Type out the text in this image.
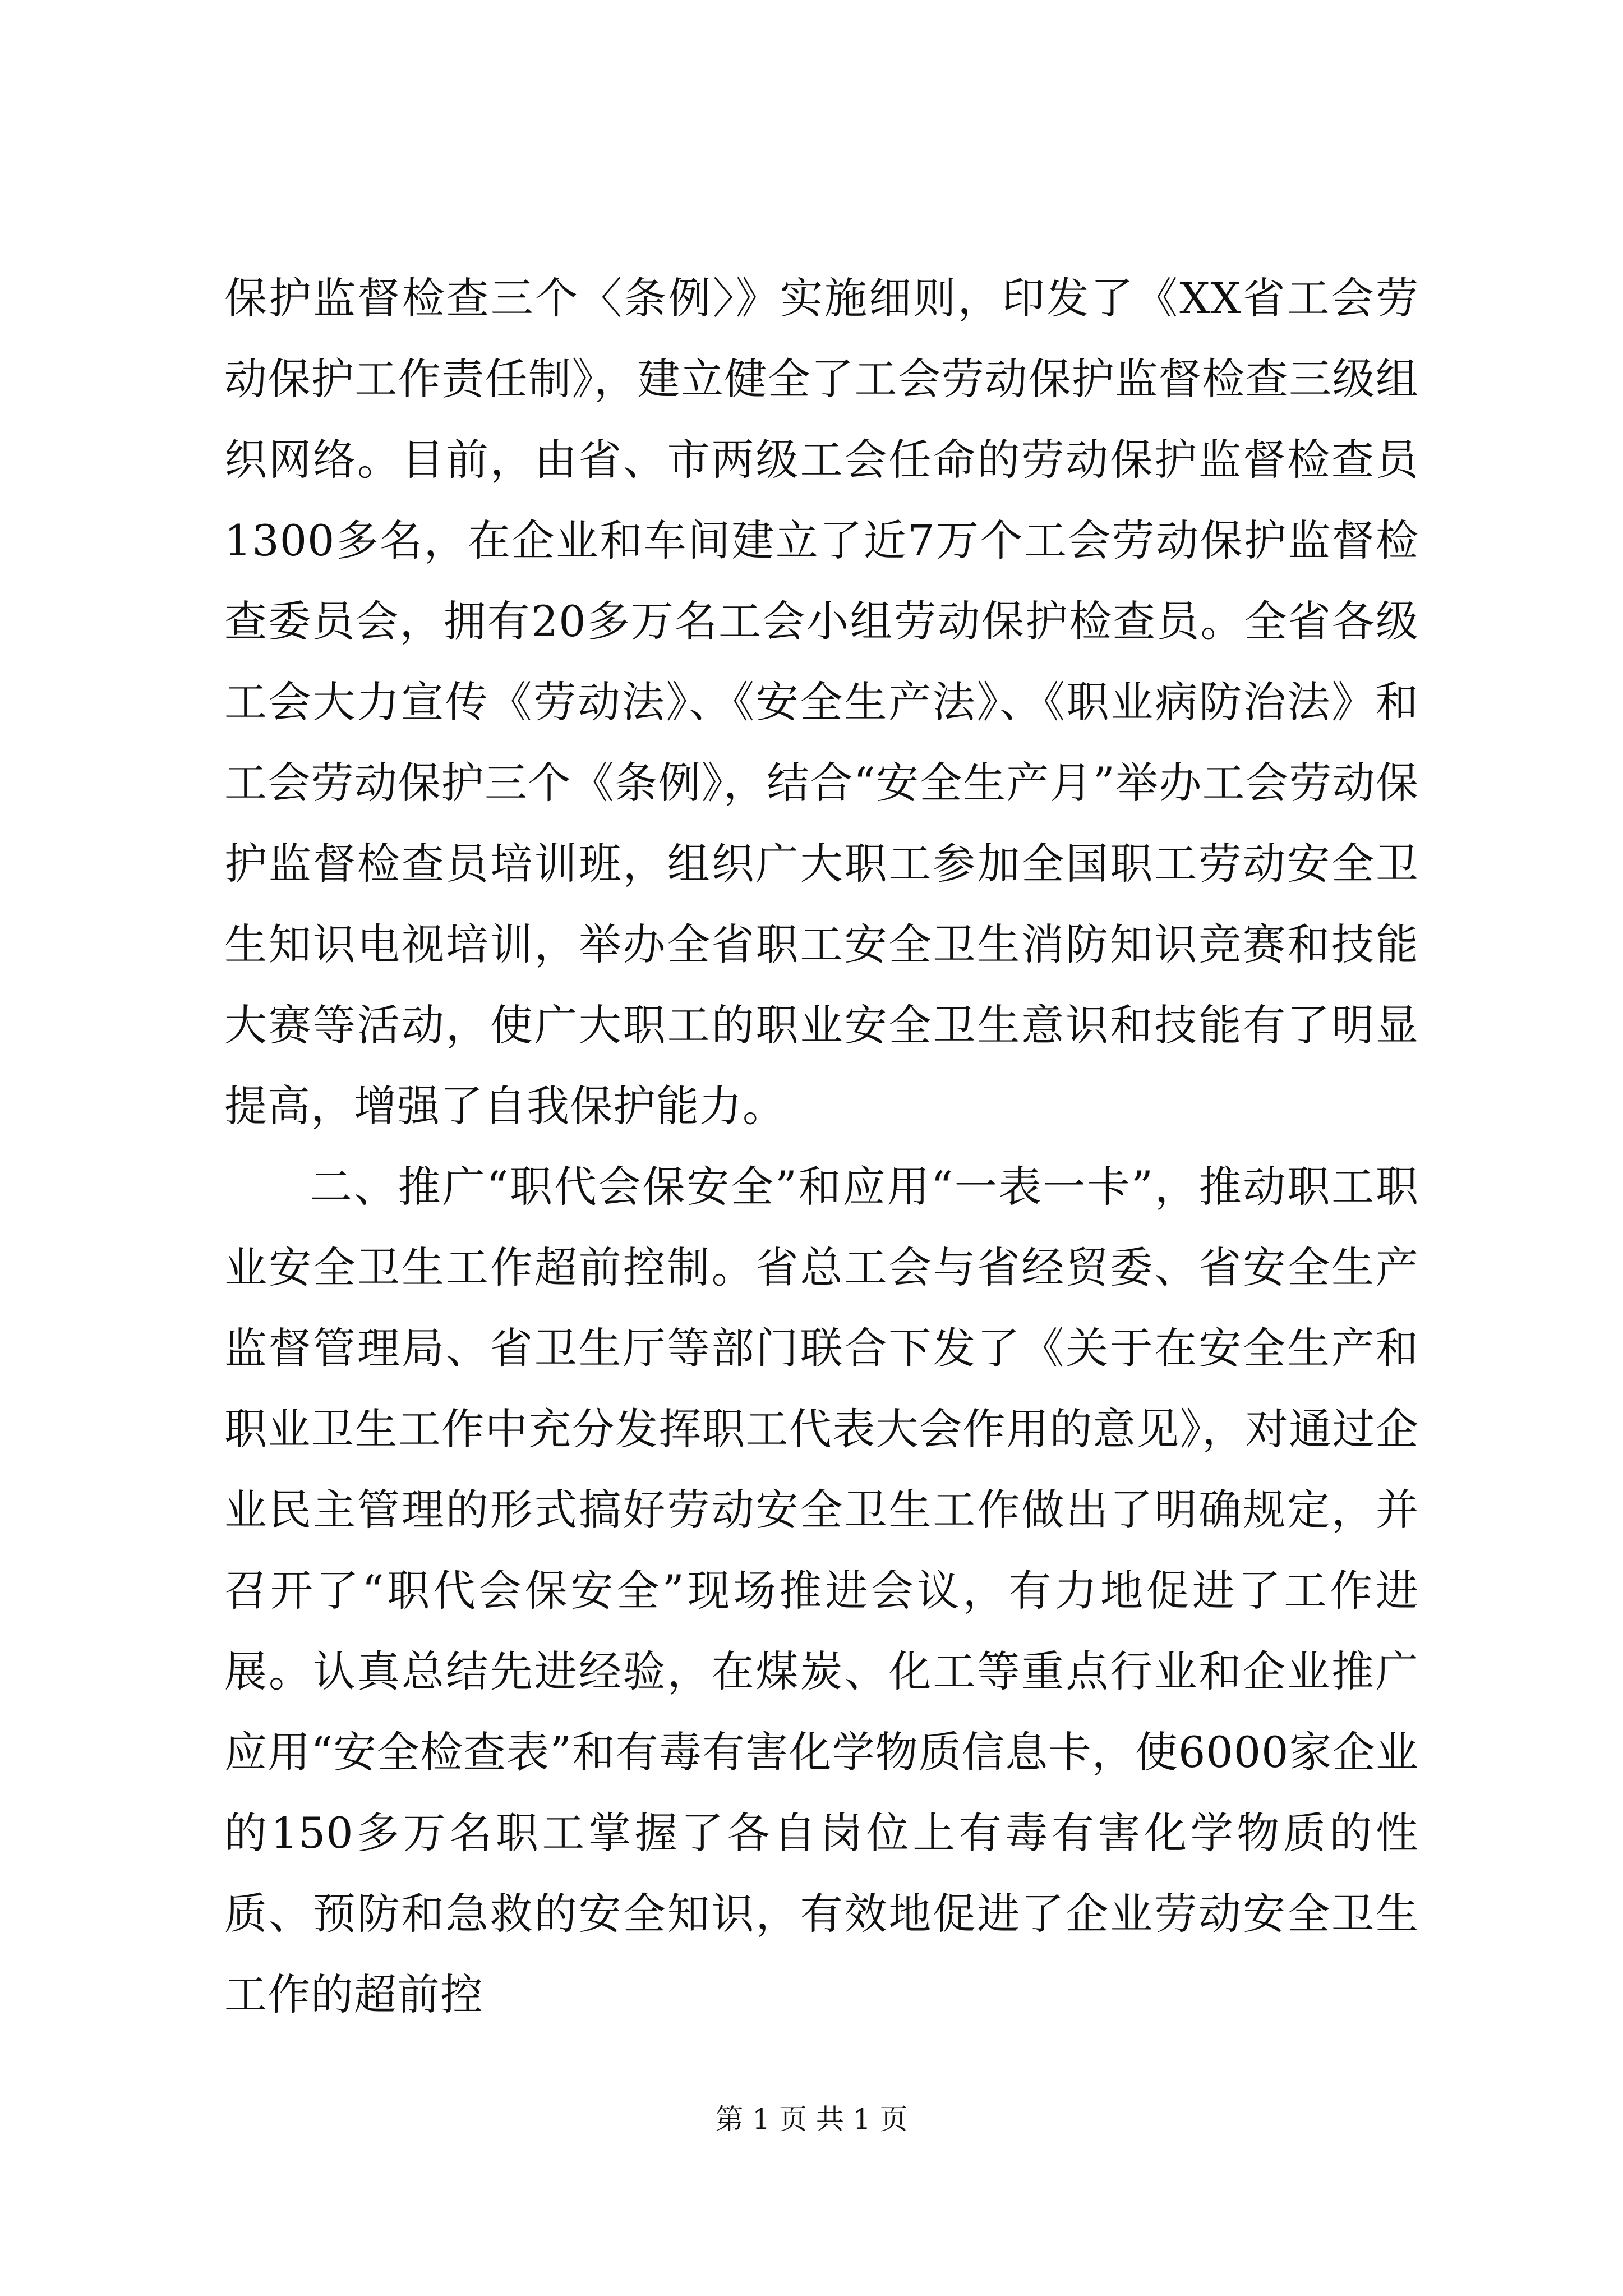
保护监督检查三个〈条例〉》实施细则，印发了《XX省工会劳动保护工作责任制》，建立健全了工会劳动保护监督检查三级组织网络。目前，由省、市两级工会任命的劳动保护监督检查员1300多名，在企业和车间建立了近7万个工会劳动保护监督检查委员会，拥有20多万名工会小组劳动保护检查员。全省各级工会大力宣传《劳动法》、《安全生产法》、《职业病防治法》和工会劳动保护三个《条例》，结合“安全生产月”举办工会劳动保护监督检查员培训班，组织广大职工参加全国职工劳动安全卫生知识电视培训，举办全省职工安全卫生消防知识竞赛和技能大赛等活动，使广大职工的职业安全卫生意识和技能有了明显提高，增强了自我保护能力。

二、推广“职代会保安全”和应用“一表一卡”，推动职工职业安全卫生工作超前控制。省总工会与省经贸委、省安全生产监督管理局、省卫生厅等部门联合下发了《关于在安全生产和职业卫生工作中充分发挥职工代表大会作用的意见》，对通过企业民主管理的形式搞好劳动安全卫生工作做出了明确规定，并召开了“职代会保安全”现场推进会议，有力地促进了工作进展。认真总结先进经验，在煤炭、化工等重点行业和企业推广应用“安全检查表”和有毒有害化学物质信息卡，使6000家企业的150多万名职工掌握了各自岗位上有毒有害化学物质的性质、预防和急救的安全知识，有效地促进了企业劳动安全卫生工作的超前控

第 1 页 共 1 页
